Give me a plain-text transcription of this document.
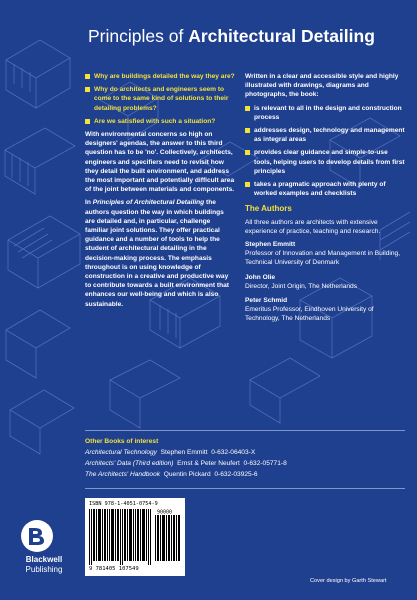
Principles of Architectural Detailing
Why are buildings detailed the way they are?
Why do architects and engineers seem to come to the same kind of solutions to their detailing problems?
Are we satisfied with such a situation?

With environmental concerns so high on designers' agendas, the answer to this third question has to be 'no'. Collectively, architects, engineers and specifiers need to revisit how they detail the built environment, and address the most important and potentially difficult area of the joint between materials and components.

In Principles of Architectural Detailing the authors question the way in which buildings are detailed and, in particular, challenge familiar joint solutions. They offer practical guidance and a number of tools to help the student of architectural detailing in the decision-making process. The emphasis throughout is on using knowledge of construction in a creative and productive way to contribute towards a built environment that enhances our well-being and which is also sustainable.

Written in a clear and accessible style and highly illustrated with drawings, diagrams and photographs, the book:

is relevant to all in the design and construction process
addresses design, technology and management as integral areas
provides clear guidance and simple-to-use tools, helping users to develop details from first principles
takes a pragmatic approach with plenty of worked examples and checklists
The Authors

All three authors are architects with extensive experience of practice, teaching and research.

Stephen Emmitt
Professor of Innovation and Management in Building, Technical University of Denmark
John Olie
Director, Joint Origin, The Netherlands
Peter Schmid
Emeritus Professor, Eindhoven University of Technology, The Netherlands
Other Books of interest
Architectural Technology Stephen Emmitt 0-632-06403-X
Architects' Data (Third edition) Ernst & Peter Neufert 0-632-05771-8
The Architects' Handbook Quentin Pickard 0-632-03925-6
Blackwell
Publishing
ISBN 978-1-4051-0754-9
90000
9 781405 107549
Cover design by Garth Stewart
